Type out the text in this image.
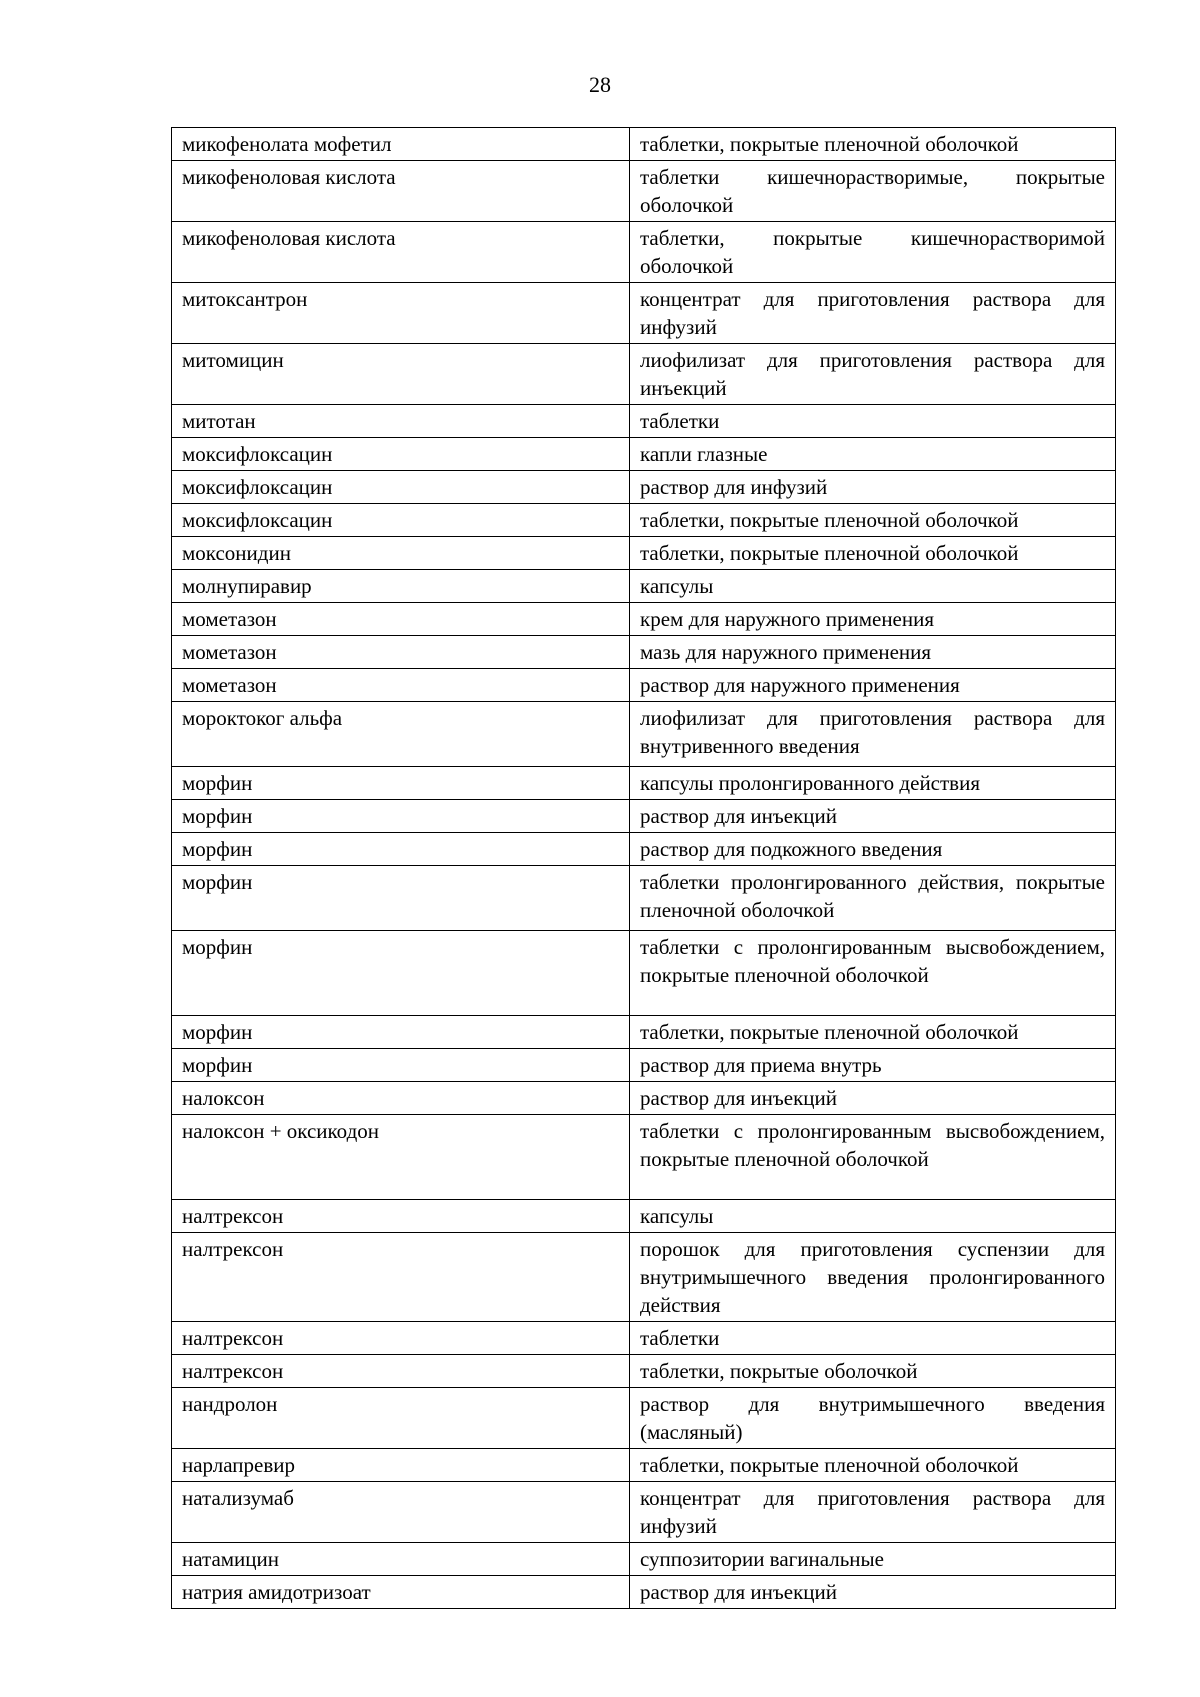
28
микофенолата мофетил	таблетки, покрытые пленочной оболочкой
микофеноловая кислота	таблетки кишечнорастворимые, покрытые оболочкой
микофеноловая кислота	таблетки, покрытые кишечнорастворимой оболочкой
митоксантрон	концентрат для приготовления раствора для инфузий
митомицин	лиофилизат для приготовления раствора для инъекций
митотан	таблетки
моксифлоксацин	капли глазные
моксифлоксацин	раствор для инфузий
моксифлоксацин	таблетки, покрытые пленочной оболочкой
моксонидин	таблетки, покрытые пленочной оболочкой
молнупиравир	капсулы
мометазон	крем для наружного применения
мометазон	мазь для наружного применения
мометазон	раствор для наружного применения
мороктоког альфа	лиофилизат для приготовления раствора для внутривенного введения
морфин	капсулы пролонгированного действия
морфин	раствор для инъекций
морфин	раствор для подкожного введения
морфин	таблетки пролонгированного действия, покрытые пленочной оболочкой
морфин	таблетки с пролонгированным высвобождением, покрытые пленочной оболочкой
морфин	таблетки, покрытые пленочной оболочкой
морфин	раствор для приема внутрь
налоксон	раствор для инъекций
налоксон + оксикодон	таблетки с пролонгированным высвобождением, покрытые пленочной оболочкой
налтрексон	капсулы
налтрексон	порошок для приготовления суспензии для внутримышечного введения пролонгированного действия
налтрексон	таблетки
налтрексон	таблетки, покрытые оболочкой
нандролон	раствор для внутримышечного введения (масляный)
нарлапревир	таблетки, покрытые пленочной оболочкой
натализумаб	концентрат для приготовления раствора для инфузий
натамицин	суппозитории вагинальные
натрия амидотризоат	раствор для инъекций
